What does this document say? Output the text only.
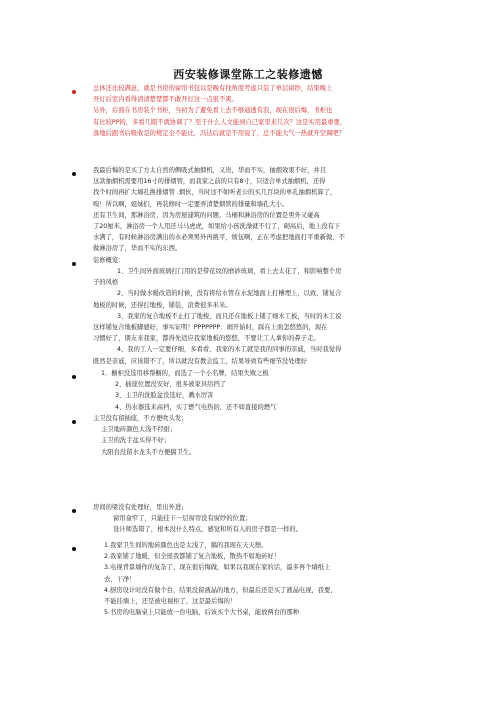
西安装修课堂陈工之装修遗憾
总体还比较满意，就是书房的窗帘书包以是晚有找角度考虑只装了单层窗纱，结果晚上
开灯后室内看得清清楚楚都不敢开灯这一点很不爽。
另外，后面在书房装个书柜，当初为了避免看上去不够通透有浪，现在很后悔，书柜也
有比较PP的，多看几眼不就协调了？至于什么人文能到自己家里来几次？这是实用最重要，
落地后跟书后吸收是的规定全不能比，冯达后就是不用说了，总不能大气一热就开空调吧？
我最后悔的是买了方太自然的侧吸式抽烟机，又贵，华而不实，抽烟效果不好，并且
这款抽烟机需要用16寸的排烟管，而我家之前的只有8寸，只适合单式抽烟机，还得
找个时间再扩大墙孔换排烟管 .烟伙，当时这不如听老公的买几百块的单孔抽烟机算了，
嗅！所以啊，姐妹们，再装修时一定要弄清楚烟管的排量和墙孔大小。
还有卫生间，那淋浴房，因为房屋建筑的问题，马桶和淋浴房的位置是男外又碰高
了20厘米，淋浴房一个人用还马马虎虎，如果给小孩洗澡就不行了，砌高后，地上没有下
水满了，有时候淋浴房满出的水必须男外再挑平，烦伍啊，正在考虑把地面打平重新做，不
做淋浴房了，华而不实的东西。
装修概览：
1、卫生间外面玻璃打门用的是带花纹的磨砂玻璃，看上去太花了，和影响整个房
子的风格
2、当时做水暖改造的时候，没有将给水管在水泥地面上打槽埋上，以致，铺复合
地板的时候，还得打地梭，铺装，浪费很多米米。
3、我家的复合地板不止打了地梭，而且还在地板上铺了细木工板，当时的木工说
这样铺复合地板脚感好，事实证明！PPPPPPP．闹开始时，踩在上面怎悠悠的，现在
习惯好了，朋友来我家，都得先适应我家地板的悠悠，不要让工人拿你的鼻子走。
4、我的工人一定要仔细，多看看，我家的木工就是我的同事的亲戚，当时我觉得
既然是亲戚，应该错不了，所以就没有教会监工，结果导致有些细节没处理好
1．橱柜没选用移帮橱的，而选了一个小名牌，结果失败之极
2、插座位置没安好，很多被家具给挡了
3、主卫的洗脸盆没选好，溅水厉害
4、热水器选来高档，买了燃气电热的，还不如直接的燃气
主卫没有留插座，不方便吹头发；
主卫地砖颜色太浅不经脏；
主卫的洗手盆买得不好；
大阳台没留水龙头不方便搞卫生。
房间的梁没有处理好，里出外进；
窗帘盒窄了，只能挂下一层窗帘没有窗纱的位置；
设计师选错了，根本没什么特点，感觉和所有人的房子都是一样的。
1.我家卫生间的地砖颜色也是太浅了，搞的我现在天天擦。
2.我家铺了地暖，但全屋我都铺了复合地板，散热不如地砖好！
3.电视背景墙作的复杂了，现在很后悔做，如果以我现在家的话，最多再个墙纸上
去，干净！
4.厨房设计时没有做个台，结果没留液晶的地方，但最后还是买了液晶电视，我要，
不能挂墙上，还是被电视柜了，这是最后悔的！
5.书房的电脑桌上只能放一台电脑，后该买个大书桌，能放两台的那种
